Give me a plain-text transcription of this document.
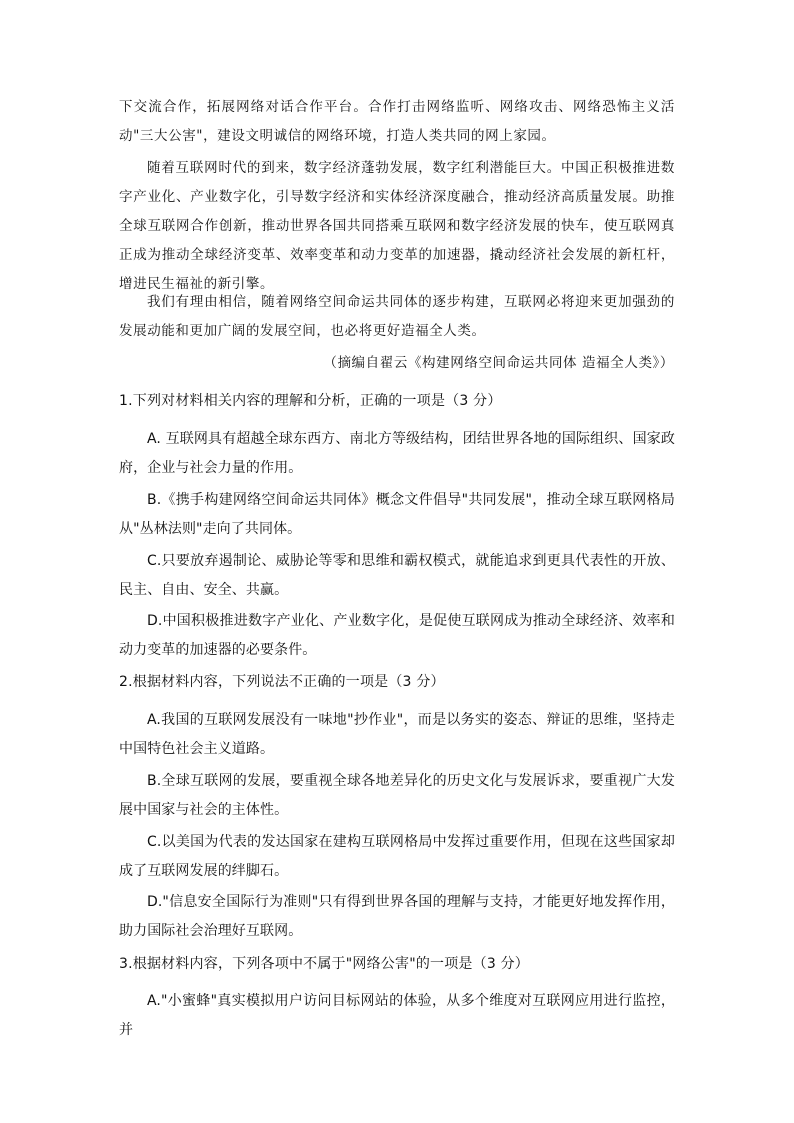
下交流合作，拓展网络对话合作平台。合作打击网络监听、网络攻击、网络恐怖主义活动"三大公害"，建设文明诚信的网络环境，打造人类共同的网上家园。

随着互联网时代的到来，数字经济蓬勃发展，数字红利潜能巨大。中国正积极推进数字产业化、产业数字化，引导数字经济和实体经济深度融合，推动经济高质量发展。助推全球互联网合作创新，推动世界各国共同搭乘互联网和数字经济发展的快车，使互联网真正成为推动全球经济变革、效率变革和动力变革的加速器，撬动经济社会发展的新杠杆，增进民生福祉的新引擎。

我们有理由相信，随着网络空间命运共同体的逐步构建，互联网必将迎来更加强劲的发展动能和更加广阔的发展空间，也必将更好造福全人类。

（摘编自翟云《构建网络空间命运共同体 造福全人类》）

1.下列对材料相关内容的理解和分析，正确的一项是（3 分）

A. 互联网具有超越全球东西方、南北方等级结构，团结世界各地的国际组织、国家政府，企业与社会力量的作用。

B.《携手构建网络空间命运共同体》概念文件倡导"共同发展"，推动全球互联网格局从"丛林法则"走向了共同体。

C.只要放弃遏制论、威胁论等零和思维和霸权模式，就能追求到更具代表性的开放、民主、自由、安全、共赢。

D.中国积极推进数字产业化、产业数字化，是促使互联网成为推动全球经济、效率和动力变革的加速器的必要条件。

2.根据材料内容，下列说法不正确的一项是（3 分）

A.我国的互联网发展没有一味地"抄作业"，而是以务实的姿态、辩证的思维，坚持走中国特色社会主义道路。

B.全球互联网的发展，要重视全球各地差异化的历史文化与发展诉求，要重视广大发展中国家与社会的主体性。

C.以美国为代表的发达国家在建构互联网格局中发挥过重要作用，但现在这些国家却成了互联网发展的绊脚石。

D."信息安全国际行为准则"只有得到世界各国的理解与支持，才能更好地发挥作用，助力国际社会治理好互联网。

3.根据材料内容，下列各项中不属于"网络公害"的一项是（3 分）

A."小蜜蜂"真实模拟用户访问目标网站的体验，从多个维度对互联网应用进行监控，并
